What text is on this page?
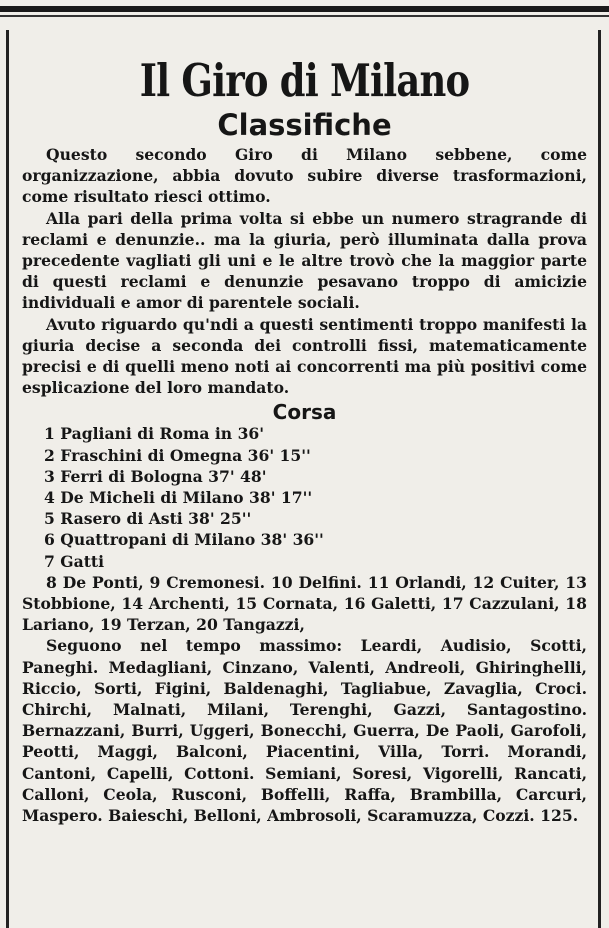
Il Giro di Milano
Classifiche

Questo secondo Giro di Milano sebbene, come organizzazione, abbia dovuto subire diverse trasformazioni, come risultato riesci ottimo.

Alla pari della prima volta si ebbe un numero stragrande di reclami e denunzie.. ma la giuria, però illuminata dalla prova precedente vagliati gli uni e le altre trovò che la maggior parte di questi reclami e denunzie pesavano troppo di amicizie individuali e amor di parentele sociali.

Avuto riguardo qu'ndi a questi sentimenti troppo manifesti la giuria decise a seconda dei controlli fissi, matematicamente precisi e di quelli meno noti ai concorrenti ma più positivi come esplicazione del loro mandato.

Corsa
1 Pagliani di Roma in 36'
2 Fraschini di Omegna 36' 15''
3 Ferri di Bologna 37' 48'
4 De Micheli di Milano 38' 17''
5 Rasero di Asti 38' 25''
6 Quattropani di Milano 38' 36''
7 Gatti

8 De Ponti, 9 Cremonesi. 10 Delfini. 11 Orlandi, 12 Cuiter, 13 Stobbione, 14 Archenti, 15 Cornata, 16 Galetti, 17 Cazzulani, 18 Lariano, 19 Terzan, 20 Tangazzi,

Seguono nel tempo massimo: Leardi, Audisio, Scotti, Paneghi. Medagliani, Cinzano, Valenti, Andreoli, Ghiringhelli, Riccio, Sorti, Figini, Baldenaghi, Tagliabue, Zavaglia, Croci. Chirchi, Malnati, Milani, Terenghi, Gazzi, Santagostino. Bernazzani, Burri, Uggeri, Bonecchi, Guerra, De Paoli, Garofoli, Peotti, Maggi, Balconi, Piacentini, Villa, Torri. Morandi, Cantoni, Capelli, Cottoni. Semiani, Soresi, Vigorelli, Rancati, Calloni, Ceola, Rusconi, Boffelli, Raffa, Brambilla, Carcuri, Maspero. Baieschi, Belloni, Ambrosoli, Scaramuzza, Cozzi. 125.
